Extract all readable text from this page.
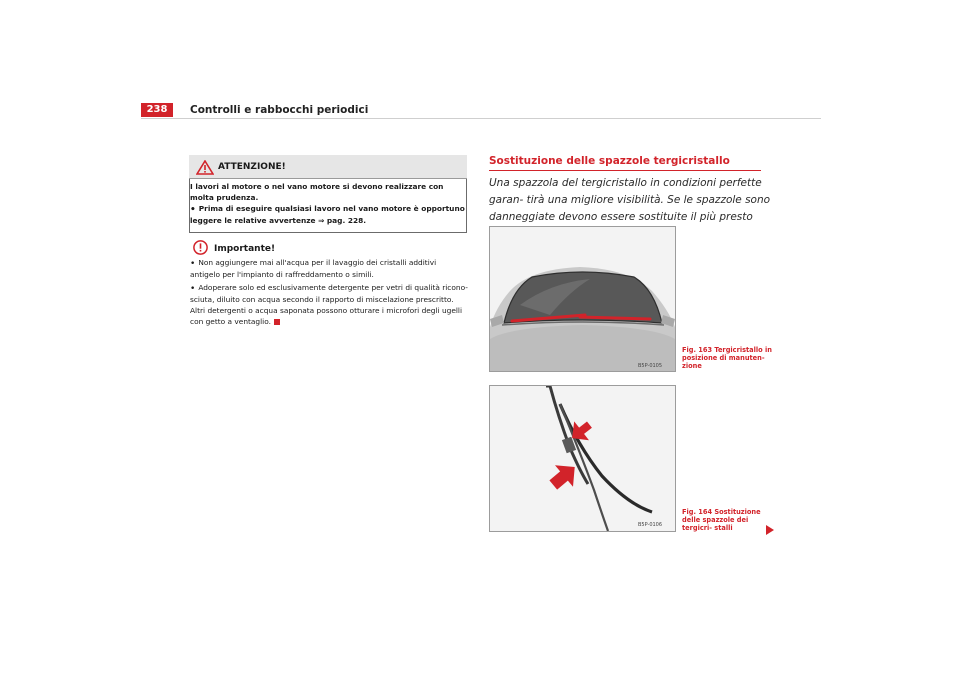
238	Controlli e rabbocchi periodici
ATTENZIONE!

I lavori al motore o nel vano motore si devono realizzare con molta prudenza.

• Prima di eseguire qualsiasi lavoro nel vano motore è opportuno leggere le relative avvertenze ⇒ pag. 228.

Importante!

• Non aggiungere mai all'acqua per il lavaggio dei cristalli additivi antigelo per l'impianto di raffreddamento o simili.

• Adoperare solo ed esclusivamente detergente per vetri di qualità ricono- sciuta, diluito con acqua secondo il rapporto di miscelazione prescritto. Altri detergenti o acqua saponata possono otturare i microfori degli ugelli con getto a ventaglio.

Sostituzione delle spazzole tergicristallo
Una spazzola del tergicristallo in condizioni perfette garan- tirà una migliore visibilità. Se le spazzole sono danneggiate devono essere sostituite il più presto
B5P-0105
Fig. 163 Tergicristallo in posizione di manuten- zione
B5P-0106
Fig. 164 Sostituzione delle spazzole dei tergicri- stalli
